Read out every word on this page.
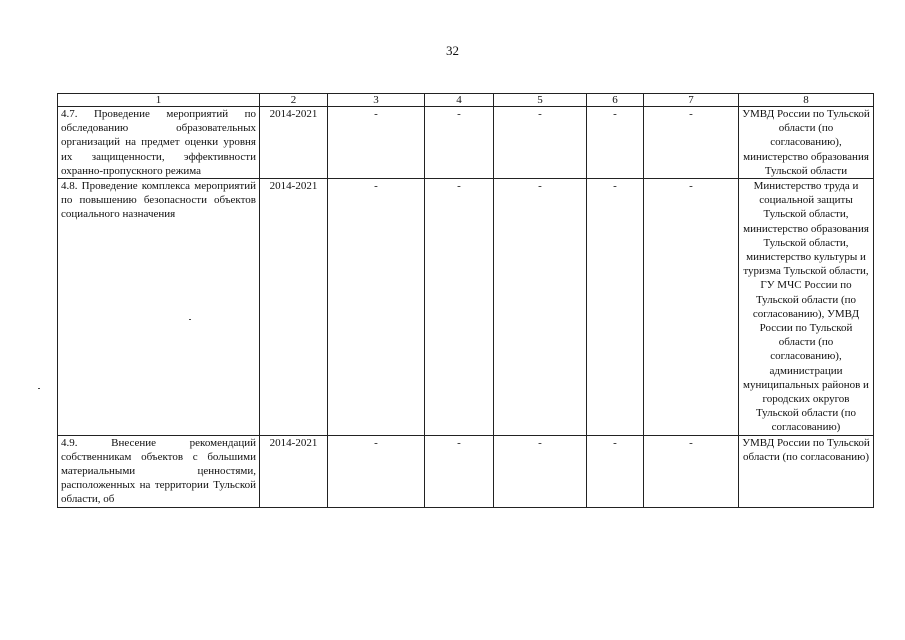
32
1	2	3	4	5	6	7	8
4.7. Проведение мероприятий по обследованию образовательных организаций на предмет оценки уровня их защищенности, эффективности охранно-пропускного режима	2014-2021	-	-	-	-	-	УМВД России по Тульской области (по согласованию), министерство образования Тульской области
4.8. Проведение комплекса мероприятий по повышению безопасности объектов социального назначения	2014-2021	-	-	-	-	-	Министерство труда и социальной защиты Тульской области, министерство образования Тульской области, министерство культуры и туризма Тульской области, ГУ МЧС России по Тульской области (по согласованию), УМВД России по Тульской области (по согласованию), администрации муниципальных районов и городских округов Тульской области (по согласованию)
4.9. Внесение рекомендаций собственникам объектов с большими материальными ценностями, расположенных на территории Тульской области, об	2014-2021	-	-	-	-	-	УМВД России по Тульской области (по согласованию)
